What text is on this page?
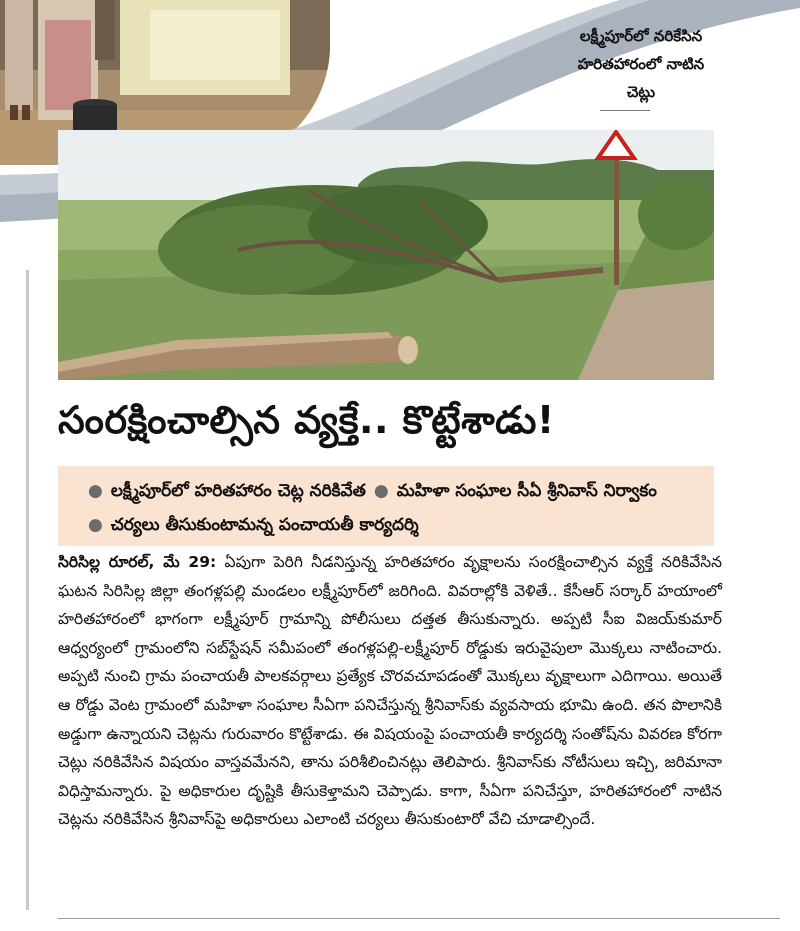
లక్ష్మీపూర్‌లో నరికేసిన
హరితహారంలో నాటిన
చెట్లు
సంరక్షించాల్సిన వ్యక్తే.. కొట్టేశాడు!
● లక్ష్మీపూర్‌లో హరితహారం చెట్ల నరికివేత ● మహిళా సంఘాల సీఏ శ్రీనివాస్‌ నిర్వాకం
● చర్యలు తీసుకుంటామన్న పంచాయతీ కార్యదర్శి
సిరిసిల్ల రూరల్‌, మే 29: ఏపుగా పెరిగి నీడనిస్తున్న హరితహారం వృక్షాలను సంరక్షించాల్సిన వ్యక్తే నరికివేసిన ఘటన సిరిసిల్ల జిల్లా తంగళ్లపల్లి మండలం లక్ష్మీపూర్‌లో జరిగింది. వివరాల్లోకి వెళితే.. కేసీఆర్‌ సర్కార్‌ హయాంలో హరితహారంలో భాగంగా లక్ష్మీపూర్‌ గ్రామాన్ని పోలీసులు దత్తత తీసుకున్నారు. అప్పటి సీఐ విజయ్‌కుమార్‌ ఆధ్వర్యంలో గ్రామంలోని సబ్‌స్టేషన్‌ సమీపంలో తంగళ్లపల్లి-లక్ష్మీపూర్‌ రోడ్డుకు ఇరువైపులా మొక్కలు నాటించారు. అప్పటి నుంచి గ్రామ పంచాయతీ పాలకవర్గాలు ప్రత్యేక చొరవచూపడంతో మొక్కలు వృక్షాలుగా ఎదిగాయి. అయితే ఆ రోడ్డు వెంట గ్రామంలో మహిళా సంఘాల సీఏగా పనిచేస్తున్న శ్రీనివాస్‌కు వ్యవసాయ భూమి ఉంది. తన పొలానికి అడ్డుగా ఉన్నాయని చెట్లను గురువారం కొట్టేశాడు. ఈ విషయంపై పంచాయతీ కార్యదర్శి సంతోష్‌ను వివరణ కోరగా చెట్లు నరికివేసిన విషయం వాస్తవమేనని, తాను పరిశీలించినట్లు తెలిపారు. శ్రీనివాస్‌కు నోటీసులు ఇచ్చి, జరిమానా విధిస్తామన్నారు. పై అధికారుల దృష్టికి తీసుకెళ్తామని చెప్పాడు. కాగా, సీఏగా పనిచేస్తూ, హరితహారంలో నాటిన చెట్లను నరికివేసిన శ్రీనివాస్‌పై అధికారులు ఎలాంటి చర్యలు తీసుకుంటారో వేచి చూడాల్సిందే.
